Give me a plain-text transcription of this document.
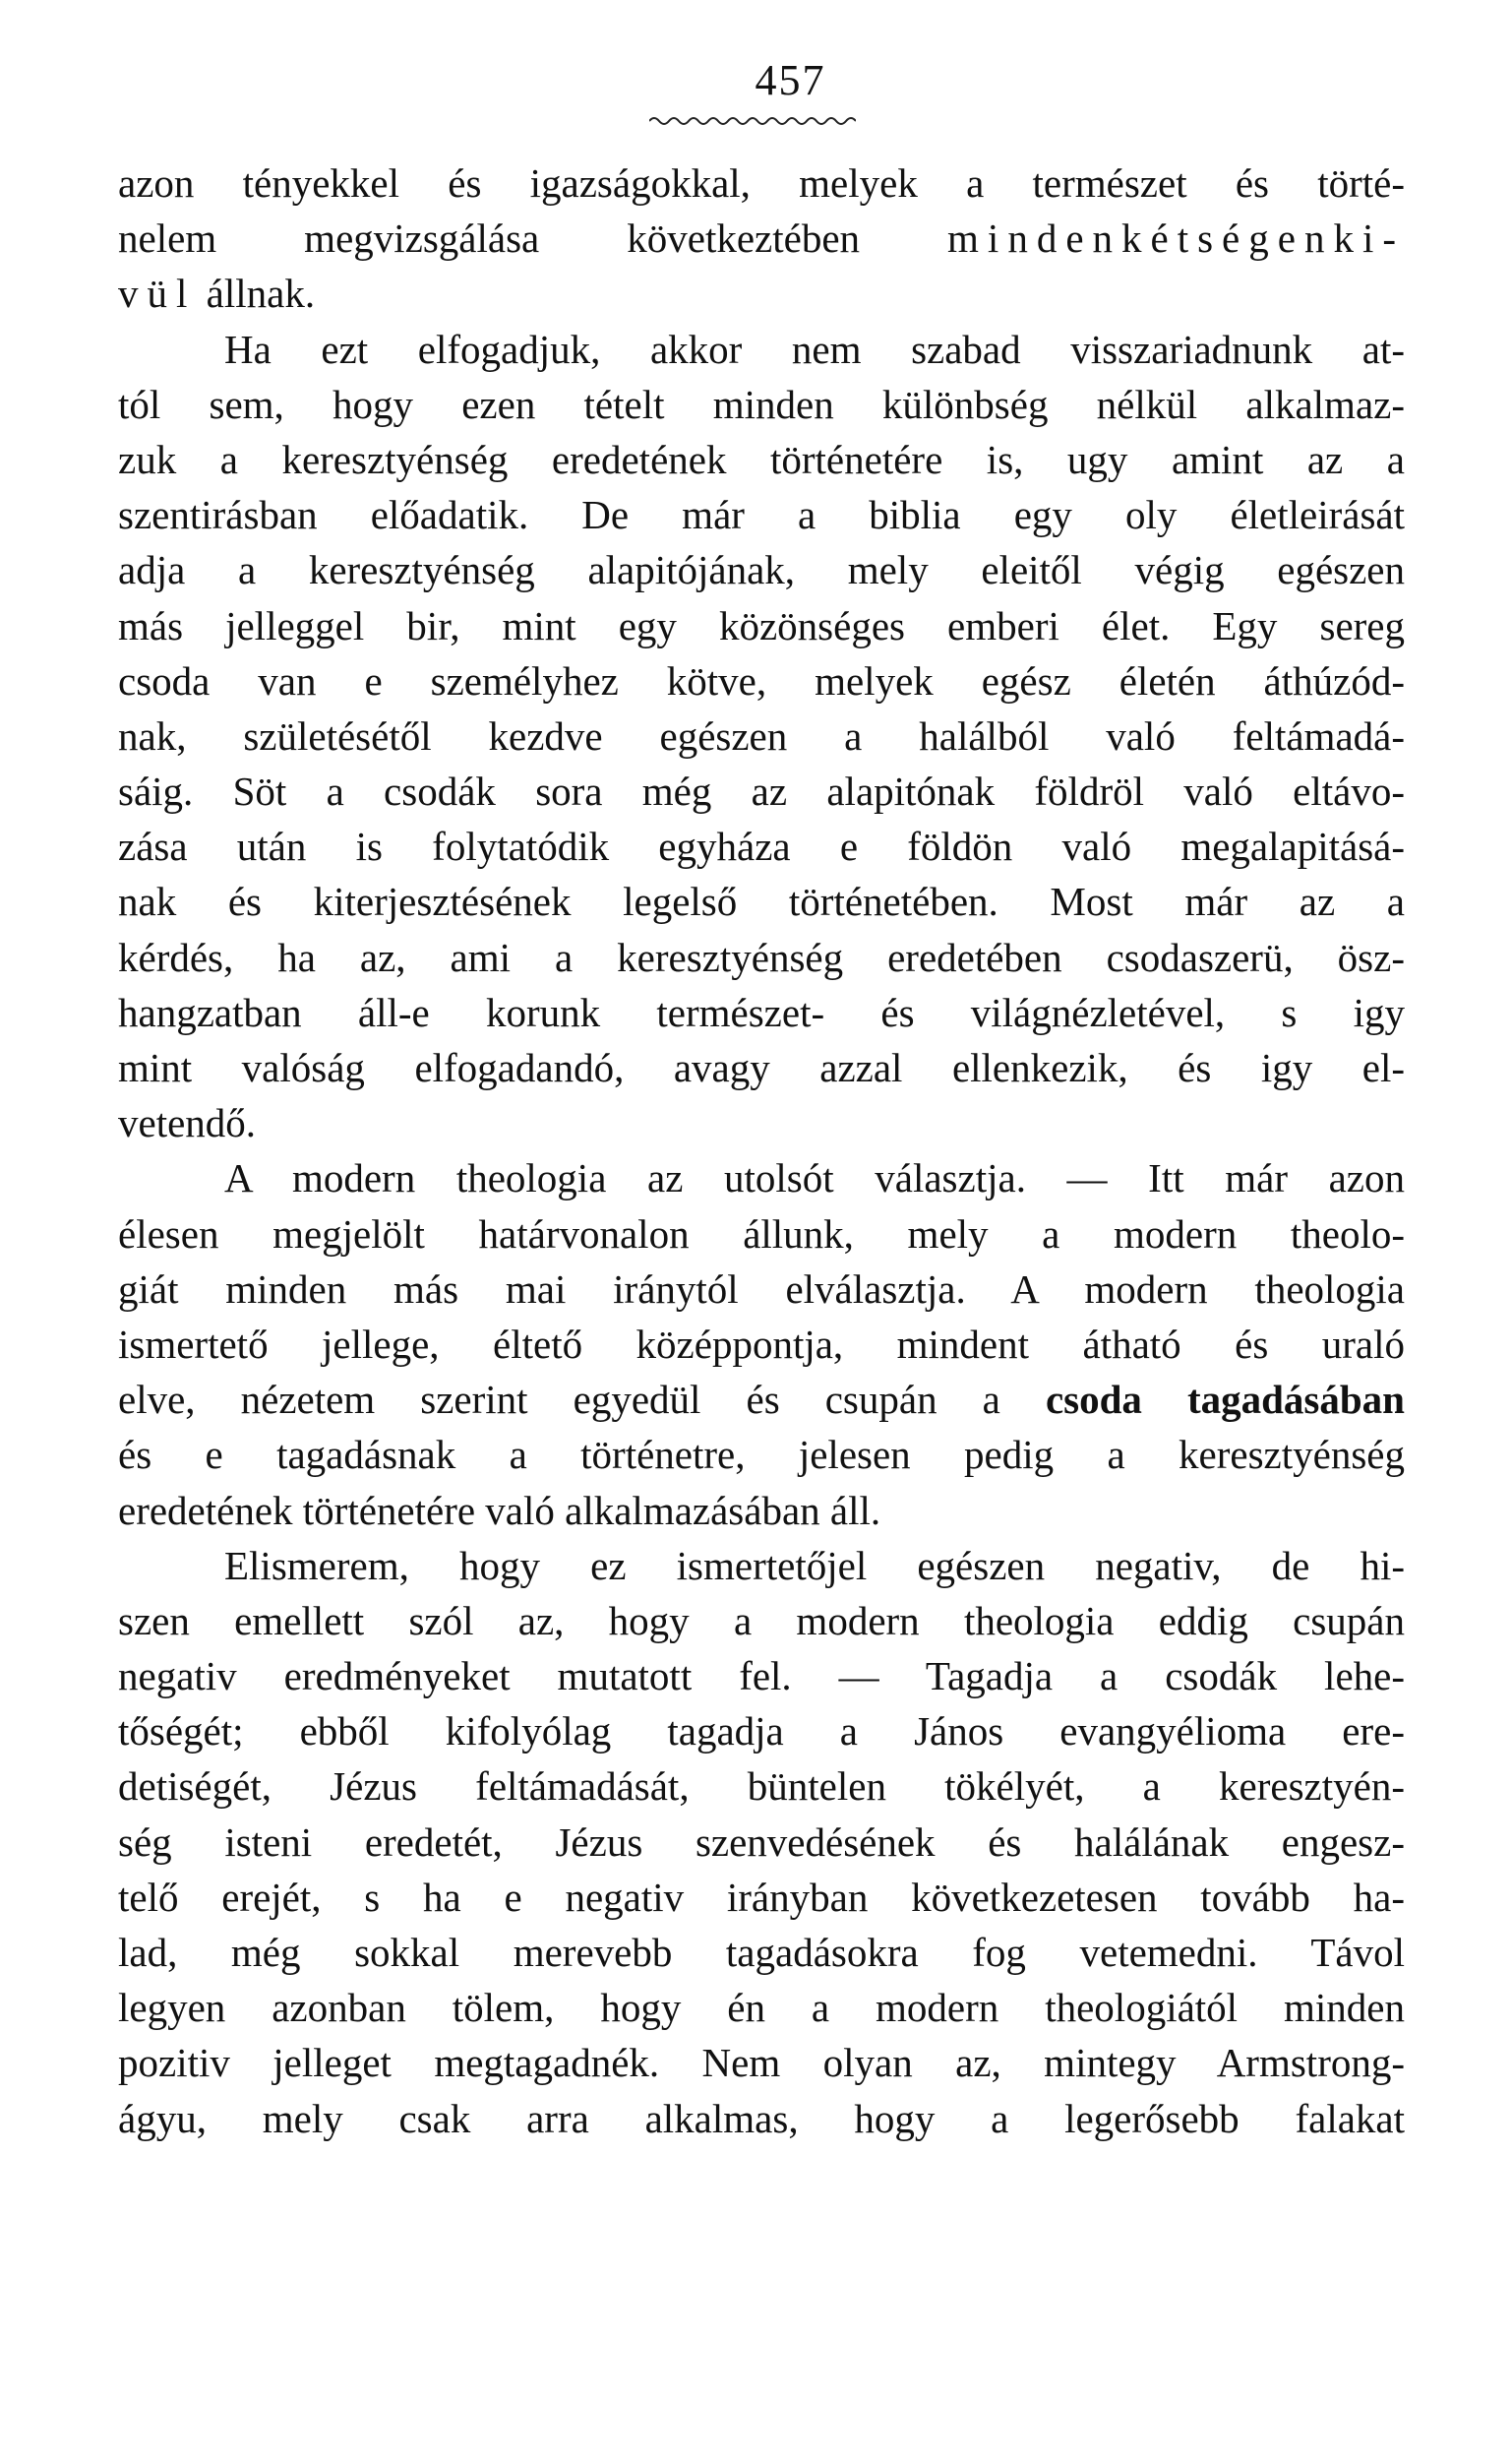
457
azon tényekkel és igazságokkal, melyek a természet és törté-
nelem megvizsgálása következtében mindenkétségenki-
vül állnak.
Ha ezt elfogadjuk, akkor nem szabad visszariadnunk at-
tól sem, hogy ezen tételt minden különbség nélkül alkalmaz-
zuk a keresztyénség eredetének történetére is, ugy amint az a
szentirásban előadatik. De már a biblia egy oly életleirását
adja a keresztyénség alapitójának, mely eleitől végig egészen
más jelleggel bir, mint egy közönséges emberi élet. Egy sereg
csoda van e személyhez kötve, melyek egész életén áthúzód-
nak, születésétől kezdve egészen a halálból való feltámadá-
sáig. Söt a csodák sora még az alapitónak földröl való eltávo-
zása után is folytatódik egyháza e földön való megalapitásá-
nak és kiterjesztésének legelső történetében. Most már az a
kérdés, ha az, ami a keresztyénség eredetében csodaszerü, ösz-
hangzatban áll-e korunk természet- és világnézletével, s igy
mint valóság elfogadandó, avagy azzal ellenkezik, és igy el-
vetendő.
A modern theologia az utolsót választja. — Itt már azon
élesen megjelölt határvonalon állunk, mely a modern theolo-
giát minden más mai iránytól elválasztja. A modern theologia
ismertető jellege, éltető középpontja, mindent átható és uraló
elve, nézetem szerint egyedül és csupán a csoda tagadásában
és e tagadásnak a történetre, jelesen pedig a keresztyénség
eredetének történetére való alkalmazásában áll.
Elismerem, hogy ez ismertetőjel egészen negativ, de hi-
szen emellett szól az, hogy a modern theologia eddig csupán
negativ eredményeket mutatott fel. — Tagadja a csodák lehe-
tőségét; ebből kifolyólag tagadja a János evangyélioma ere-
detiségét, Jézus feltámadását, büntelen tökélyét, a keresztyén-
ség isteni eredetét, Jézus szenvedésének és halálának engesz-
telő erejét, s ha e negativ irányban következetesen tovább ha-
lad, még sokkal merevebb tagadásokra fog vetemedni. Távol
legyen azonban tölem, hogy én a modern theologiától minden
pozitiv jelleget megtagadnék. Nem olyan az, mintegy Armstrong-
ágyu, mely csak arra alkalmas, hogy a legerősebb falakat
